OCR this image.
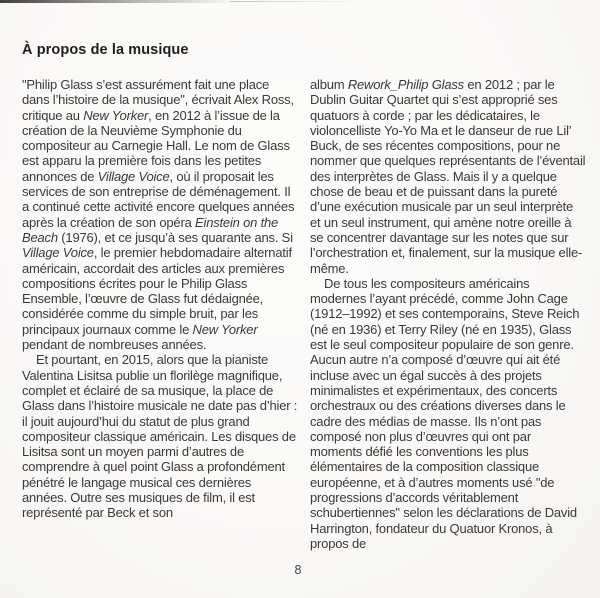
À propos de la musique

"Philip Glass s’est assurément fait une place dans l’histoire de la musique", écrivait Alex Ross, critique au New Yorker, en 2012 à l’issue de la création de la Neuvième Symphonie du compositeur au Carnegie Hall. Le nom de Glass est apparu la première fois dans les petites annonces de Village Voice, où il proposait les services de son entreprise de déménagement. Il a continué cette activité encore quelques années après la création de son opéra Einstein on the Beach (1976), et ce jusqu’à ses quarante ans. Si Village Voice, le premier hebdomadaire alternatif américain, accordait des articles aux premières compositions écrites pour le Philip Glass Ensemble, l’œuvre de Glass fut dédaignée, considérée comme du simple bruit, par les principaux journaux comme le New Yorker pendant de nombreuses années.

Et pourtant, en 2015, alors que la pianiste Valentina Lisitsa publie un florilège magnifique, complet et éclairé de sa musique, la place de Glass dans l’histoire musicale ne date pas d’hier : il jouit aujourd’hui du statut de plus grand compositeur classique américain. Les disques de Lisitsa sont un moyen parmi d’autres de comprendre à quel point Glass a profondément pénétré le langage musical ces dernières années. Outre ses musiques de film, il est représenté par Beck et son

album Rework_Philip Glass en 2012 ; par le Dublin Guitar Quartet qui s’est approprié ses quatuors à corde ; par les dédicataires, le violoncelliste Yo-Yo Ma et le danseur de rue Lil’ Buck, de ses récentes compositions, pour ne nommer que quelques représentants de l’éventail des interprètes de Glass. Mais il y a quelque chose de beau et de puissant dans la pureté d’une exécution musicale par un seul interprète et un seul instrument, qui amène notre oreille à se concentrer davantage sur les notes que sur l’orchestration et, finalement, sur la musique elle-même.

De tous les compositeurs américains modernes l’ayant précédé, comme John Cage (1912–1992) et ses contemporains, Steve Reich (né en 1936) et Terry Riley (né en 1935), Glass est le seul compositeur populaire de son genre. Aucun autre n’a composé d’œuvre qui ait été incluse avec un égal succès à des projets minimalistes et expérimentaux, des concerts orchestraux ou des créations diverses dans le cadre des médias de masse. Ils n’ont pas composé non plus d’œuvres qui ont par moments défié les conventions les plus élémentaires de la composition classique européenne, et à d’autres moments usé "de progressions d’accords véritablement schubertiennes" selon les déclarations de David Harrington, fondateur du Quatuor Kronos, à propos de

8
